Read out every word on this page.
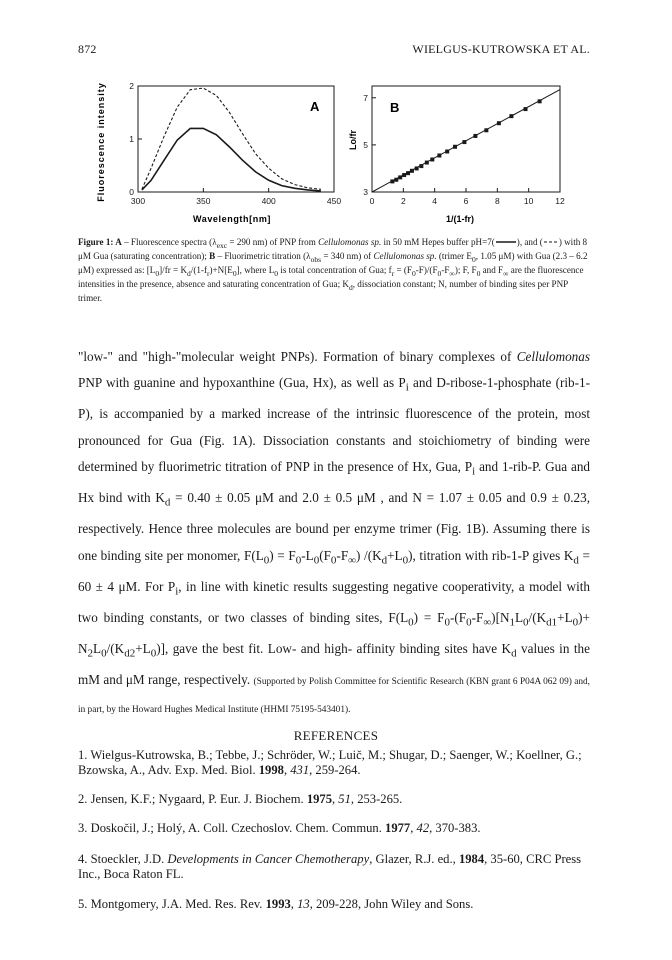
872	WIELGUS-KUTROWSKA ET AL.
300	350	400	450
0
1
2
A
Fluorescence intensity
Wavelength[nm]
0	2	4	6	8	10	12
3
5
7
B
Lo/fr
1/(1-fr)
Figure 1: A – Fluorescence spectra ($\lambda_{exc} = 290$ nm) of PNP from Cellulomonas sp. in 50 mM Hepes buffer pH=7( ), and ( ) with 8 μM Gua (saturating concentration); B – Fluorimetric titration ($\lambda_{obs} = 340$ nm) of Cellulomonas sp. (trimer $E_0$, 1.05 μM) with Gua (2.3 – 6.2 μM) expressed as: $[L_0]/fr = K_d/(1-f_r)+N[E_0]$, where $L_0$ is total concentration of Gua; $f_r = (F_0-F)/(F_0-F_\infty)$; F, $F_0$ and $F_\infty$ are the fluorescence intensities in the presence, absence and saturating concentration of Gua; $K_d$, dissociation constant; N, number of binding sites per PNP trimer.

"low-" and "high-"molecular weight PNPs). Formation of binary complexes of Cellulomonas PNP with guanine and hypoxanthine (Gua, Hx), as well as $P_i$ and D-ribose-1-phosphate (rib-1-P), is accompanied by a marked increase of the intrinsic fluorescence of the protein, most pronounced for Gua (Fig. 1A). Dissociation constants and stoichiometry of binding were determined by fluorimetric titration of PNP in the presence of Hx, Gua, $P_i$ and 1-rib-P. Gua and Hx bind with $K_d = 0.40 \pm 0.05$ μM and 2.0 ± 0.5 μM , and N = 1.07 ± 0.05 and 0.9 ± 0.23, respectively. Hence three molecules are bound per enzyme trimer (Fig. 1B). Assuming there is one binding site per monomer, $F(L_0) = F_0-L_0(F_0-F_\infty)$ $/(K_d+L_0)$, titration with rib-1-P gives $K_d = 60 \pm 4$ μM. For $P_i$, in line with kinetic results suggesting negative cooperativity, a model with two binding constants, or two classes of binding sites, $F(L_0) = F_0-(F_0-F_\infty)[N_1L_0/(K_{d1}+L_0)+ N_2L_0/(K_{d2}+L_0)]$, gave the best fit. Low- and high- affinity binding sites have $K_d$ values in the mM and μM range, respectively. (Supported by Polish Committee for Scientific Research (KBN grant 6 P04A 062 09) and, in part, by the Howard Hughes Medical Institute (HHMI 75195-543401).

REFERENCES
1. Wielgus-Kutrowska, B.; Tebbe, J.; Schröder, W.; Luič, M.; Shugar, D.; Saenger, W.; Koellner, G.; Bzowska, A., Adv. Exp. Med. Biol. 1998, 431, 259-264.
2. Jensen, K.F.; Nygaard, P. Eur. J. Biochem. 1975, 51, 253-265.
3. Doskočil, J.; Holý, A. Coll. Czechoslov. Chem. Commun. 1977, 42, 370-383.
4. Stoeckler, J.D. Developments in Cancer Chemotherapy, Glazer, R.J. ed., 1984, 35-60, CRC Press Inc., Boca Raton FL.
5. Montgomery, J.A. Med. Res. Rev. 1993, 13, 209-228, John Wiley and Sons.
